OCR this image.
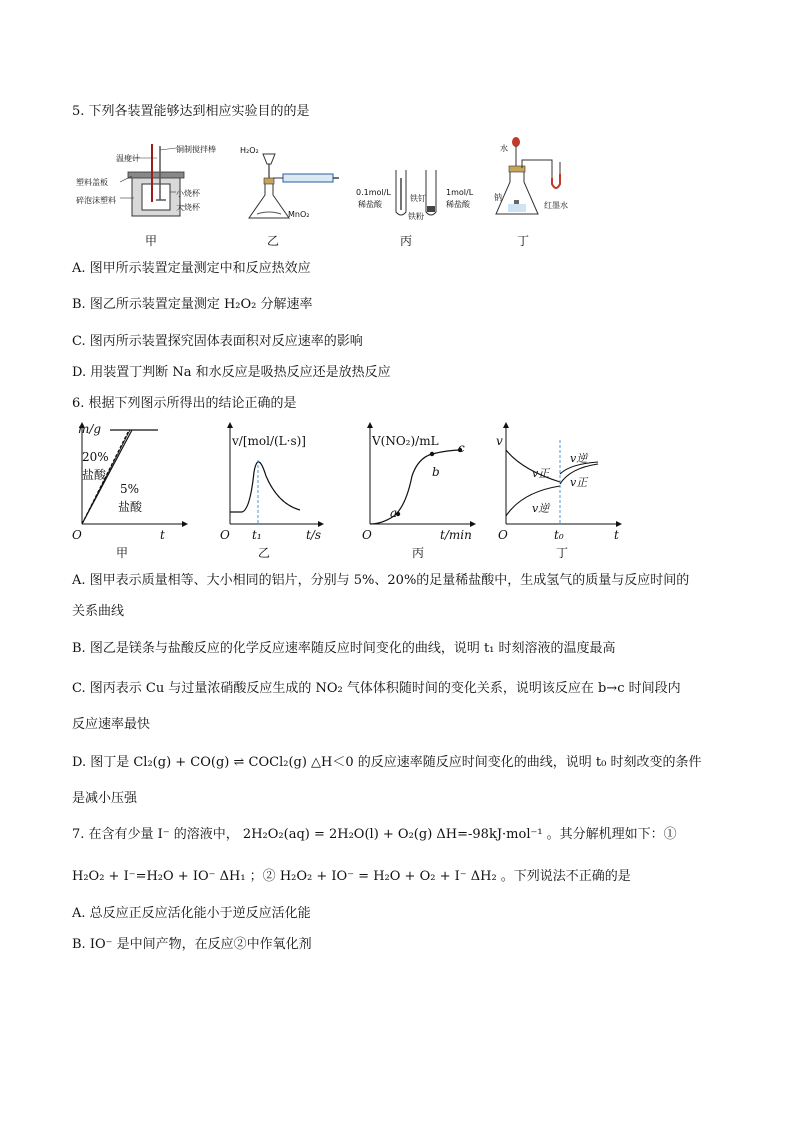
5. 下列各装置能够达到相应实验目的的是
温度计
铜制搅拌棒
塑料盖板
碎泡沫塑料
小烧杯
大烧杯
甲
H₂O₂
MnO₂
乙
0.1mol/L
稀盐酸
铁钉
铁粉
1mol/L
稀盐酸
丙
水
钠
红墨水
丁
A. 图甲所示装置定量测定中和反应热效应
B. 图乙所示装置定量测定 H₂O₂ 分解速率
C. 图丙所示装置探究固体表面积对反应速率的影响
D. 用装置丁判断 Na 和水反应是吸热反应还是放热反应
6. 根据下列图示所得出的结论正确的是
m/g
20%
盐酸
5%
盐酸
O	t
甲
v/[mol/(L·s)]
O t₁	t/s
乙
V(NO₂)/mL
a
b
c
O	t/min
丙
v
v正
v逆
v逆
v正
O	t₀	t
丁
A. 图甲表示质量相等、大小相同的铝片，分别与 5%、20%的足量稀盐酸中，生成氢气的质量与反应时间的
关系曲线
B. 图乙是镁条与盐酸反应的化学反应速率随反应时间变化的曲线，说明 t₁ 时刻溶液的温度最高
C. 图丙表示 Cu 与过量浓硝酸反应生成的 NO₂ 气体体积随时间的变化关系，说明该反应在 b→c 时间段内
反应速率最快
D. 图丁是 Cl₂(g) + CO(g) ⇌ COCl₂(g) △H＜0 的反应速率随反应时间变化的曲线，说明 t₀ 时刻改变的条件
是减小压强
7. 在含有少量 I⁻ 的溶液中， 2H₂O₂(aq) = 2H₂O(l) + O₂(g) ΔH=-98kJ·mol⁻¹ 。其分解机理如下：①
H₂O₂ + I⁻=H₂O + IO⁻ ΔH₁ ；② H₂O₂ + IO⁻ = H₂O + O₂ + I⁻ ΔH₂ 。下列说法不正确的是
A. 总反应正反应活化能小于逆反应活化能
B. IO⁻ 是中间产物，在反应②中作氧化剂
